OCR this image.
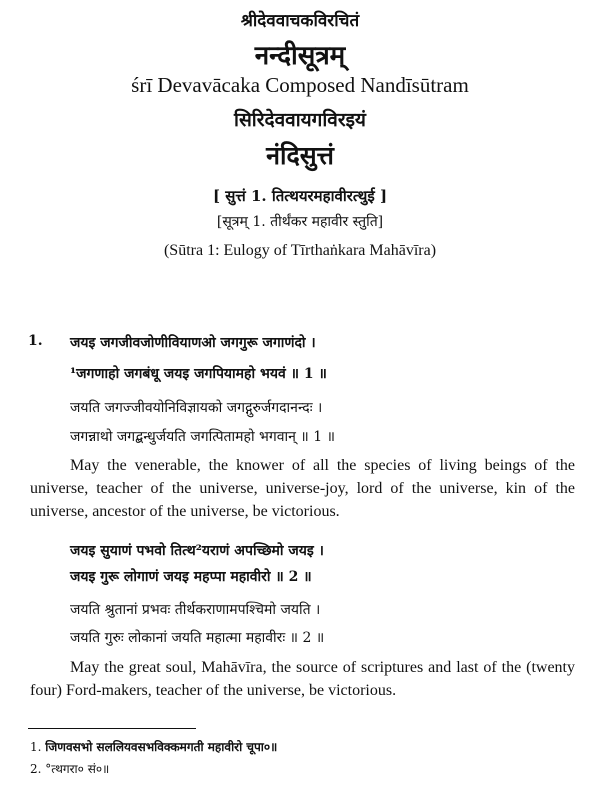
श्रीदेववाचकविरचितं
नन्दीसूत्रम्
śrī Devavācaka Composed Nandīsūtram
सिरिदेववायगविरइयं
नंदिसुत्तं
[ सुत्तं 1. तित्थयरमहावीरत्थुई ]
[सूत्रम् 1. तीर्थंकर महावीर स्तुति]
(Sūtra 1: Eulogy of Tīrthaṅkara Mahāvīra)
1. जयइ जगजीवजोणीवियाणओ जगगुरू जगाणंदो ।
¹जगणाहो जगबंधू जयइ जगपियामहो भयवं ॥ 1 ॥
जयति जगज्जीवयोनिविज्ञायको जगद्गुरुर्जगदानन्दः ।
जगन्नाथो जगद्बन्धुर्जयति जगत्पितामहो भगवान् ॥ 1 ॥
May the venerable, the knower of all the species of living beings of the universe, teacher of the universe, universe-joy, lord of the universe, kin of the universe, ancestor of the universe, be victorious.
जयइ सुयाणं पभवो तित्थ²यराणं अपच्छिमो जयइ ।
जयइ गुरू लोगाणं जयइ महप्पा महावीरो ॥ 2 ॥
जयति श्रुतानां प्रभवः तीर्थकराणामपश्चिमो जयति ।
जयति गुरुः लोकानां जयति महात्मा महावीरः ॥ 2 ॥
May the great soul, Mahāvīra, the source of scriptures and last of the (twenty four) Ford-makers, teacher of the universe, be victorious.
1. जिणवसभो सललियवसभविक्कमगती महावीरो चूपा०॥
2. °त्थगरा० सं०॥
